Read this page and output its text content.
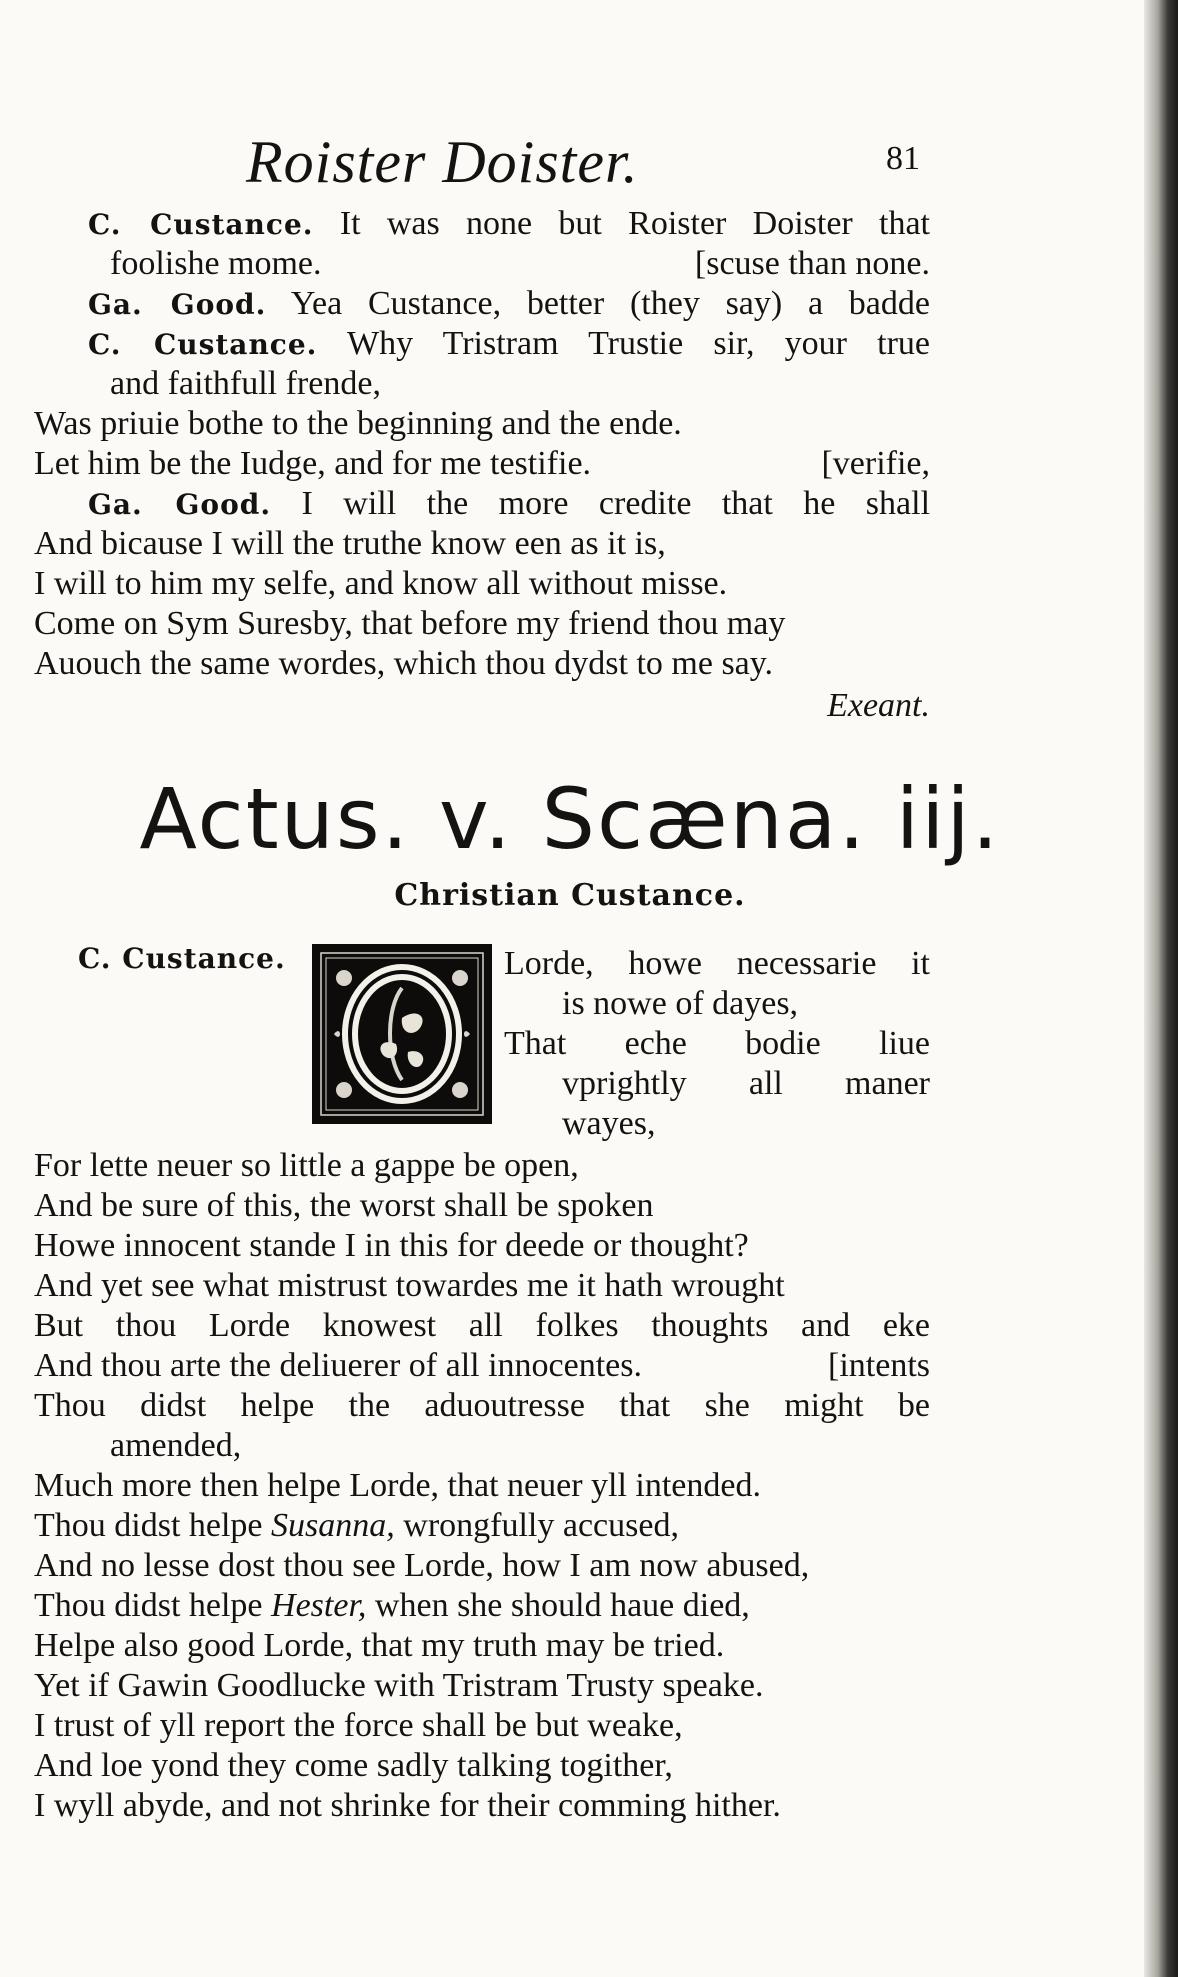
Roister Doister.	81
C. Custance. It was none but Roister Doister that
foolishe mome.	[scuse than none.
Ga. Good. Yea Custance, better (they say) a badde
C. Custance. Why Tristram Trustie sir, your true
and faithfull frende,
Was priuie bothe to the beginning and the ende.
Let him be the Iudge, and for me testifie.	[verifie,
Ga. Good. I will the more credite that he shall
And bicause I will the truthe know een as it is,
I will to him my selfe, and know all without misse.
Come on Sym Suresby, that before my friend thou may
Auouch the same wordes, which thou dydst to me say.
Exeant.
Actus. v. Scæna. iij.
Christian Custance.
C. Custance.
O
Lorde, howe necessarie it
is nowe of dayes,
That eche bodie liue
vprightly all maner
wayes,
For lette neuer so little a gappe be open,
And be sure of this, the worst shall be spoken
Howe innocent stande I in this for deede or thought?
And yet see what mistrust towardes me it hath wrought
But thou Lorde knowest all folkes thoughts and eke
And thou arte the deliuerer of all innocentes.	[intents
Thou didst helpe the aduoutresse that she might be
amended,
Much more then helpe Lorde, that neuer yll intended.
Thou didst helpe Susanna, wrongfully accused,
And no lesse dost thou see Lorde, how I am now abused,
Thou didst helpe Hester, when she should haue died,
Helpe also good Lorde, that my truth may be tried.
Yet if Gawin Goodlucke with Tristram Trusty speake.
I trust of yll report the force shall be but weake,
And loe yond they come sadly talking togither,
I wyll abyde, and not shrinke for their comming hither.
